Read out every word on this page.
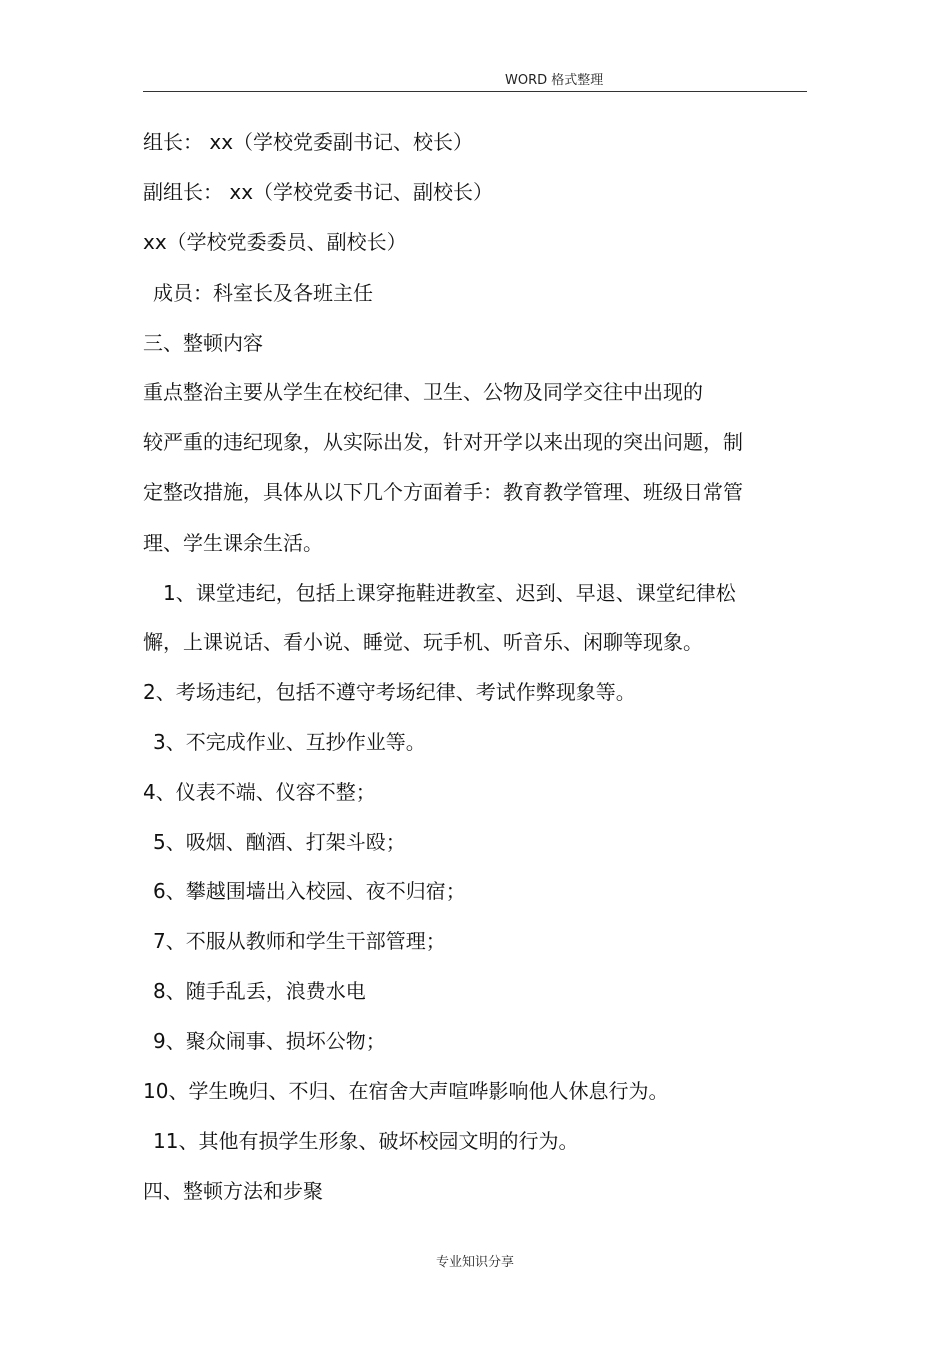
WORD 格式整理
组长： xx（学校党委副书记、校长）
副组长： xx（学校党委书记、副校长）
xx（学校党委委员、副校长）
成员：科室长及各班主任
三、整顿内容
重点整治主要从学生在校纪律、卫生、公物及同学交往中出现的
较严重的违纪现象，从实际出发，针对开学以来出现的突出问题，制
定整改措施，具体从以下几个方面着手：教育教学管理、班级日常管
理、学生课余生活。
1、课堂违纪，包括上课穿拖鞋进教室、迟到、早退、课堂纪律松
懈，上课说话、看小说、睡觉、玩手机、听音乐、闲聊等现象。
2、考场违纪，包括不遵守考场纪律、考试作弊现象等。
3、不完成作业、互抄作业等。
4、仪表不端、仪容不整；
5、吸烟、酗酒、打架斗殴；
6、攀越围墙出入校园、夜不归宿；
7、不服从教师和学生干部管理；
8、随手乱丢，浪费水电
9、聚众闹事、损坏公物；
10、学生晚归、不归、在宿舍大声喧哗影响他人休息行为。
11、其他有损学生形象、破坏校园文明的行为。
四、整顿方法和步聚
专业知识分享
